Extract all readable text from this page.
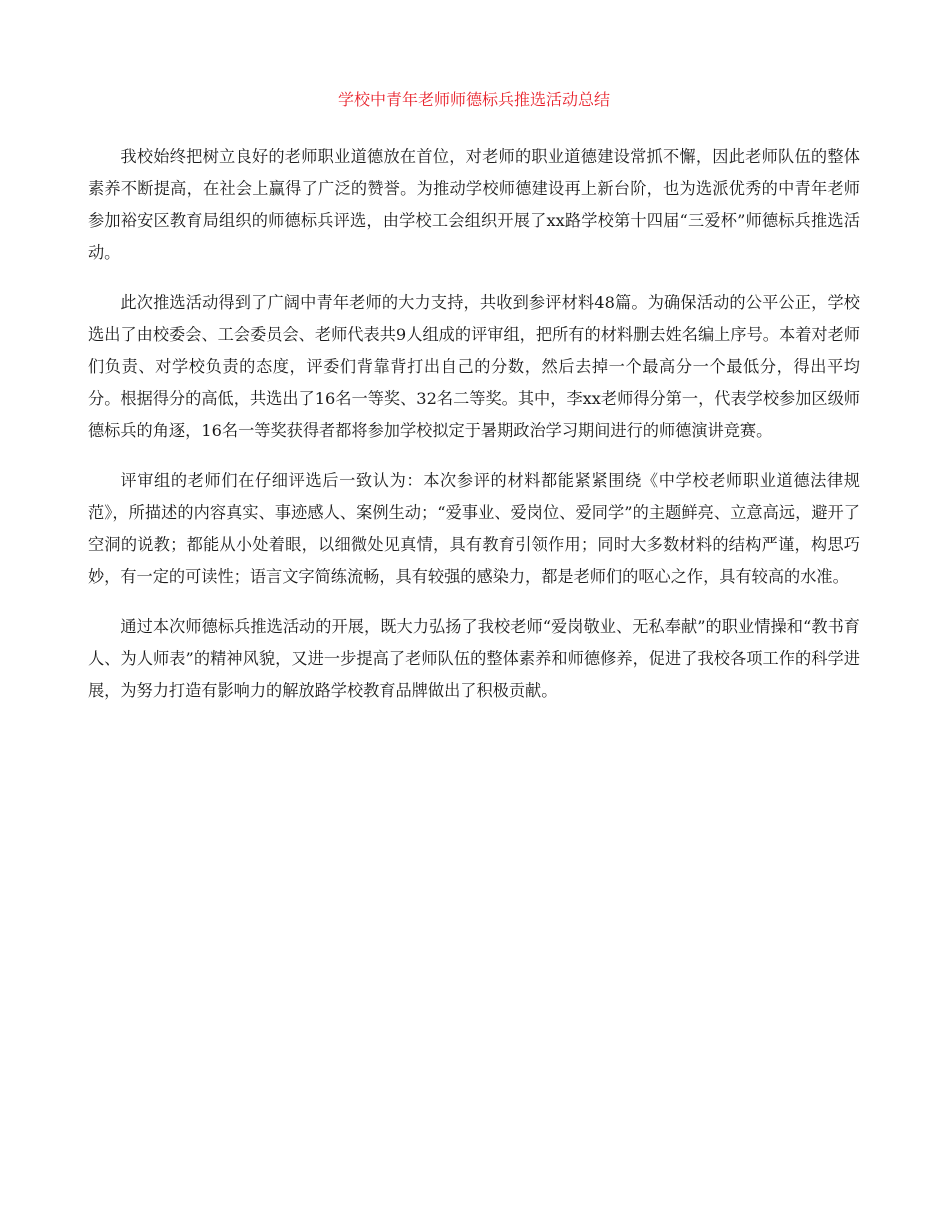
学校中青年老师师德标兵推选活动总结

我校始终把树立良好的老师职业道德放在首位，对老师的职业道德建设常抓不懈，因此老师队伍的整体素养不断提高，在社会上赢得了广泛的赞誉。为推动学校师德建设再上新台阶，也为选派优秀的中青年老师参加裕安区教育局组织的师德标兵评选，由学校工会组织开展了xx路学校第十四届“三爱杯”师德标兵推选活动。

此次推选活动得到了广阔中青年老师的大力支持，共收到参评材料48篇。为确保活动的公平公正，学校选出了由校委会、工会委员会、老师代表共9人组成的评审组，把所有的材料删去姓名编上序号。本着对老师们负责、对学校负责的态度，评委们背靠背打出自己的分数，然后去掉一个最高分一个最低分，得出平均分。根据得分的高低，共选出了16名一等奖、32名二等奖。其中，李xx老师得分第一，代表学校参加区级师德标兵的角逐，16名一等奖获得者都将参加学校拟定于暑期政治学习期间进行的师德演讲竞赛。

评审组的老师们在仔细评选后一致认为：本次参评的材料都能紧紧围绕《中学校老师职业道德法律规范》，所描述的内容真实、事迹感人、案例生动；“爱事业、爱岗位、爱同学”的主题鲜亮、立意高远，避开了空洞的说教；都能从小处着眼，以细微处见真情，具有教育引领作用；同时大多数材料的结构严谨，构思巧妙，有一定的可读性；语言文字简练流畅，具有较强的感染力，都是老师们的呕心之作，具有较高的水准。

通过本次师德标兵推选活动的开展，既大力弘扬了我校老师“爱岗敬业、无私奉献”的职业情操和“教书育人、为人师表”的精神风貌，又进一步提高了老师队伍的整体素养和师德修养，促进了我校各项工作的科学进展，为努力打造有影响力的解放路学校教育品牌做出了积极贡献。
